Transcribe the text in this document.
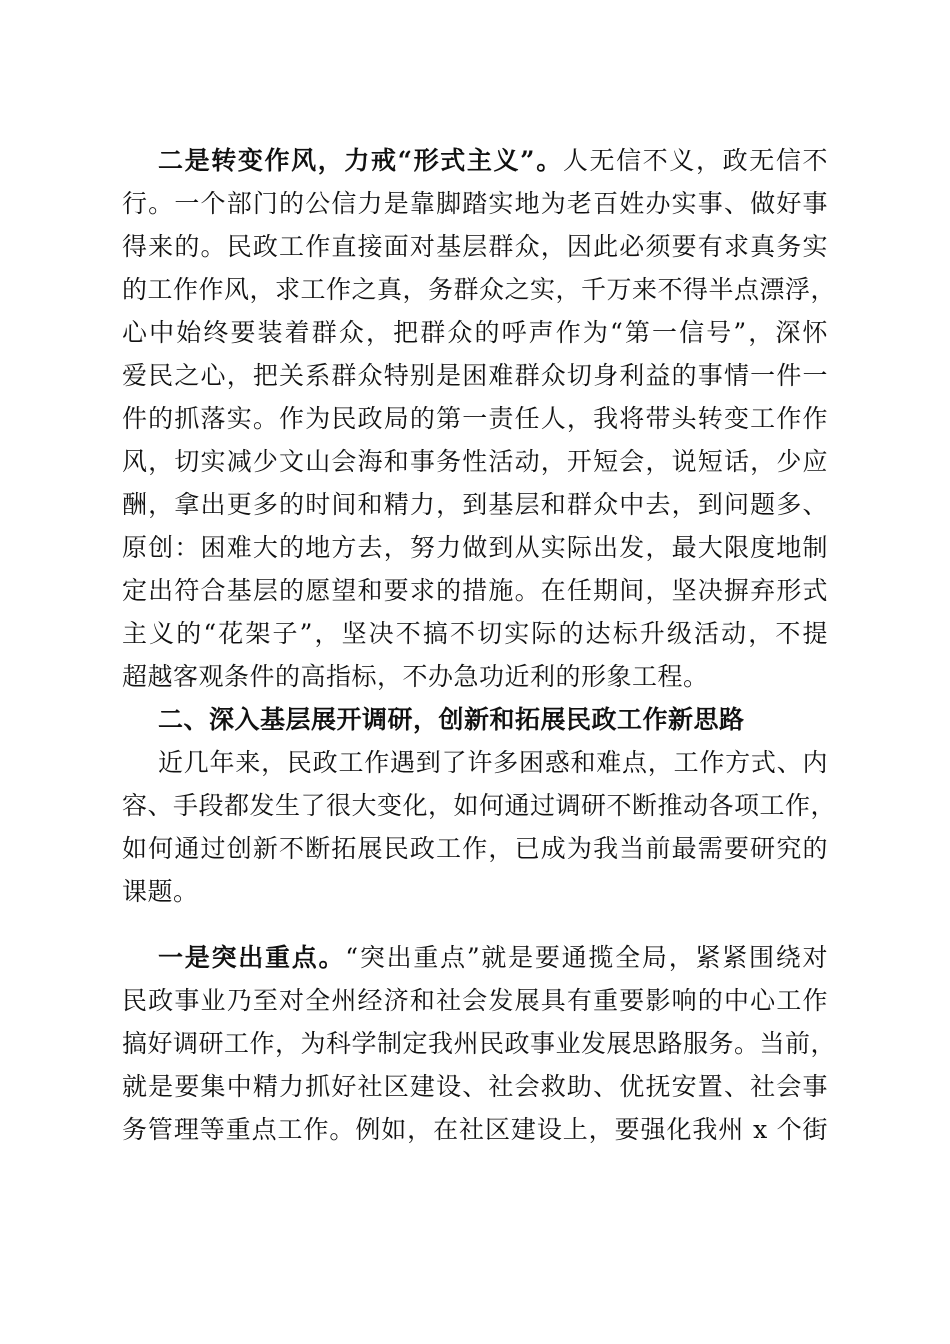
二是转变作风，力戒“形式主义”。人无信不义，政无信不
行。一个部门的公信力是靠脚踏实地为老百姓办实事、做好事
得来的。民政工作直接面对基层群众，因此必须要有求真务实
的工作作风，求工作之真，务群众之实，千万来不得半点漂浮，
心中始终要装着群众，把群众的呼声作为“第一信号”，深怀
爱民之心，把关系群众特别是困难群众切身利益的事情一件一
件的抓落实。作为民政局的第一责任人，我将带头转变工作作
风，切实减少文山会海和事务性活动，开短会，说短话，少应
酬，拿出更多的时间和精力，到基层和群众中去，到问题多、
原创：困难大的地方去，努力做到从实际出发，最大限度地制
定出符合基层的愿望和要求的措施。在任期间，坚决摒弃形式
主义的“花架子”，坚决不搞不切实际的达标升级活动，不提
超越客观条件的高指标，不办急功近利的形象工程。
二、深入基层展开调研，创新和拓展民政工作新思路
近几年来，民政工作遇到了许多困惑和难点，工作方式、内
容、手段都发生了很大变化，如何通过调研不断推动各项工作，
如何通过创新不断拓展民政工作，已成为我当前最需要研究的
课题。
一是突出重点。“突出重点”就是要通揽全局，紧紧围绕对
民政事业乃至对全州经济和社会发展具有重要影响的中心工作
搞好调研工作，为科学制定我州民政事业发展思路服务。当前，
就是要集中精力抓好社区建设、社会救助、优抚安置、社会事
务管理等重点工作。例如，在社区建设上，要强化我州 x 个街
